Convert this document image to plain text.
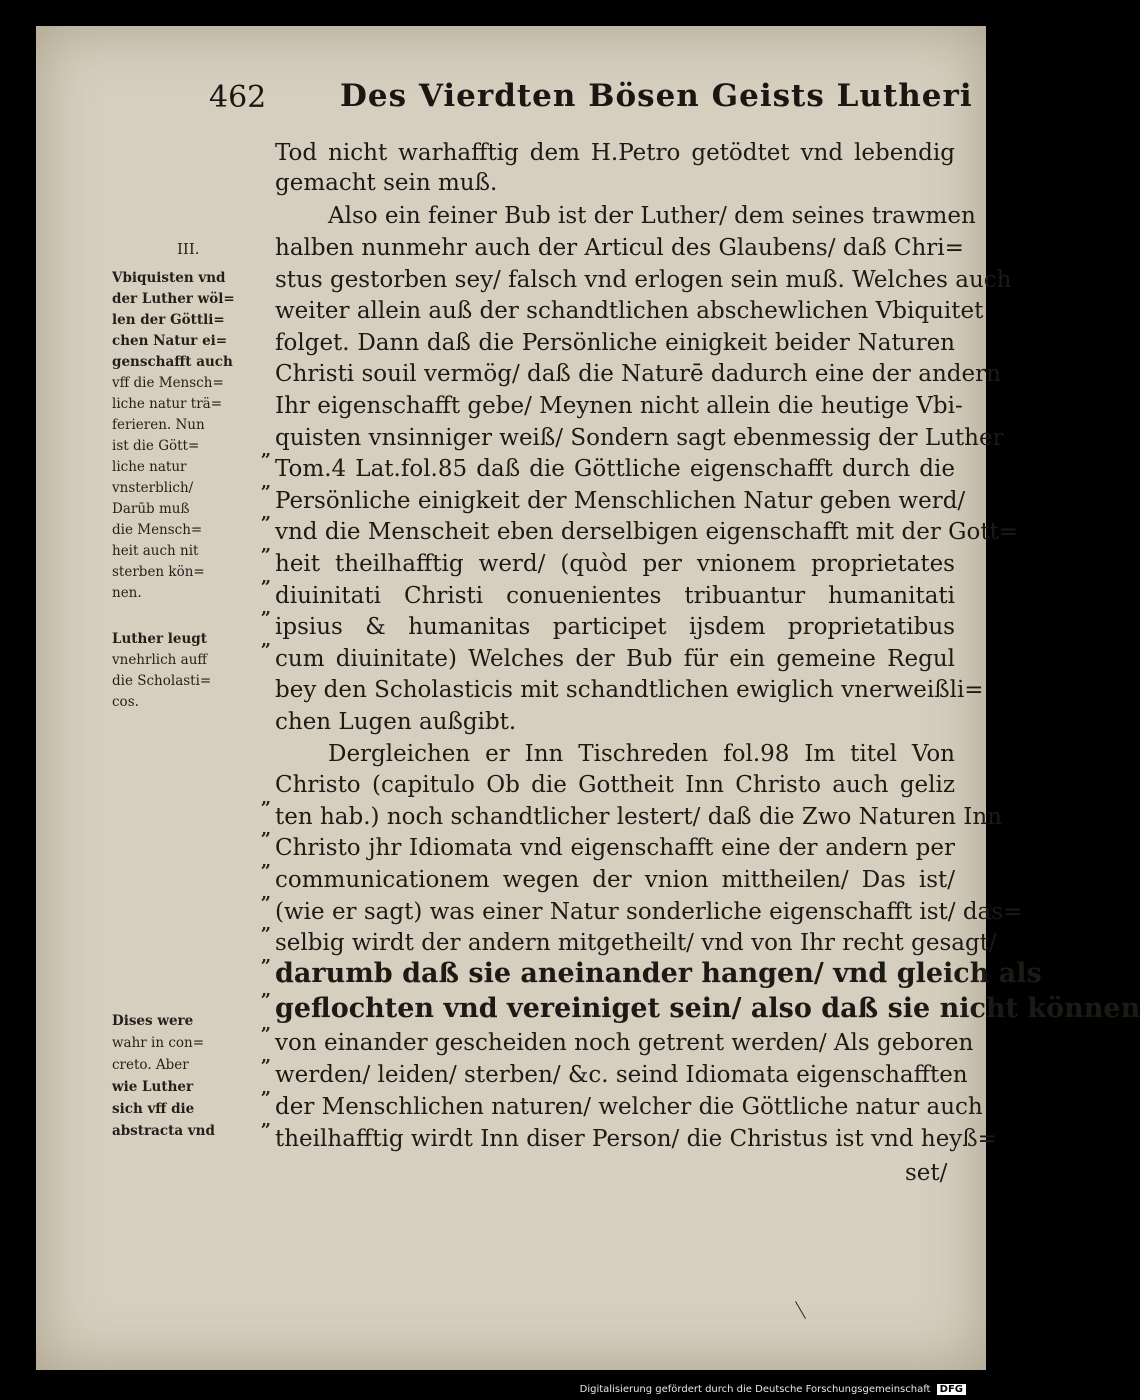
462 Des Vierdten Bösen Geists Lutheri
Tod nicht warhafftig dem H.Petro getödtet vnd lebendig
gemacht sein muß.
Also ein feiner Bub ist der Luther/ dem seines trawmen
halben nunmehr auch der Articul des Glaubens/ daß Chri=
stus gestorben sey/ falsch vnd erlogen sein muß. Welches auch
weiter allein auß der schandtlichen abschewlichen Vbiquitet
folget. Dann daß die Persönliche einigkeit beider Naturen
Christi souil vermög/ daß die Naturē dadurch eine der andern
Ihr eigenschafft gebe/ Meynen nicht allein die heutige Vbi-
quisten vnsinniger weiß/ Sondern sagt ebenmessig der Luther
Tom.4 Lat.fol.85 daß die Göttliche eigenschafft durch die
Persönliche einigkeit der Menschlichen Natur geben werd/
vnd die Menscheit eben derselbigen eigenschafft mit der Gott=
heit theilhafftig werd/ (quòd per vnionem proprietates
diuinitati Christi conuenientes tribuantur humanitati
ipsius & humanitas participet ijsdem proprietatibus
cum diuinitate) Welches der Bub für ein gemeine Regul
bey den Scholasticis mit schandtlichen ewiglich vnerweißli=
chen Lugen außgibt.
Dergleichen er Inn Tischreden fol.98 Im titel Von
Christo (capitulo Ob die Gottheit Inn Christo auch geliz
ten hab.) noch schandtlicher lestert/ daß die Zwo Naturen Inn
Christo jhr Idiomata vnd eigenschafft eine der andern per
communicationem wegen der vnion mittheilen/ Das ist/
(wie er sagt) was einer Natur sonderliche eigenschafft ist/ das=
selbig wirdt der andern mitgetheilt/ vnd von Ihr recht gesagt/
darumb daß sie aneinander hangen/ vnd gleich als
geflochten vnd vereiniget sein/ also daß sie nicht können
von einander gescheiden noch getrent werden/ Als geboren
werden/ leiden/ sterben/ &c. seind Idiomata eigenschafften
der Menschlichen naturen/ welcher die Göttliche natur auch
theilhafftig wirdt Inn diser Person/ die Christus ist vnd heyß=
set/
”
”
”
”
”
”
”
”
”
”
”
”
”
”
”
”
”
”
III.
Vbiquisten vnd
der Luther wöl=
len der Göttli=
chen Natur ei=
genschafft auch
vff die Mensch=
liche natur trä=
ferieren. Nun
ist die Gött=
liche natur
vnsterblich/
Darūb muß
die Mensch=
heit auch nit
sterben kön=
nen.
Luther leugt
vnehrlich auff
die Scholasti=
cos.
Dises were
wahr in con=
creto. Aber
wie Luther
sich vff die
abstracta vnd
Digitalisierung gefördert durch die Deutsche Forschungsgemeinschaft DFG
